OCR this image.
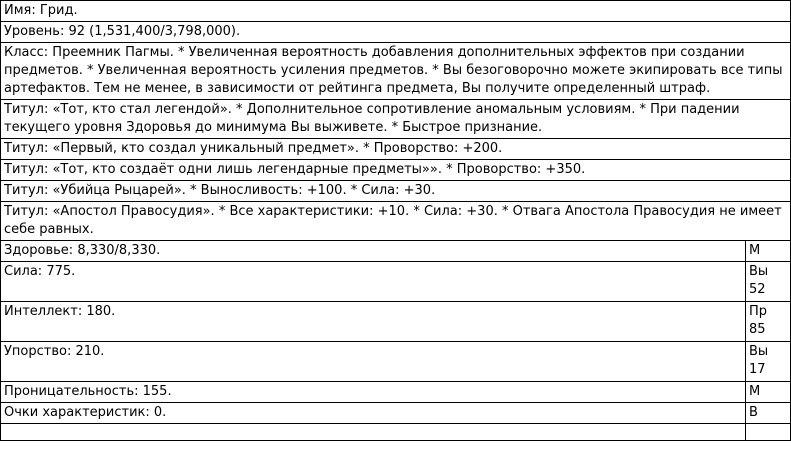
Имя: Грид.	
Уровень: 92 (1,531,400/3,798,000).	
Класс: Преемник Пагмы. * Увеличенная вероятность добавления дополнительных эффектов при создании предметов. * Увеличенная вероятность усиления предметов. * Вы безоговорочно можете экипировать все типы артефактов. Тем не менее, в зависимости от рейтинга предмета, Вы получите определенный штраф.	
Титул: «Тот, кто стал легендой». * Дополнительное сопротивление аномальным условиям. * При падении текущего уровня Здоровья до минимума Вы выживете. * Быстрое признание.	
Титул: «Первый, кто создал уникальный предмет». * Проворство: +200.	
Титул: «Тот, кто создаёт одни лишь легендарные предметы»». * Проворство: +350.	
Титул: «Убийца Рыцарей». * Выносливость: +100. * Сила: +30.	
Титул: «Апостол Правосудия». * Все характеристики: +10. * Сила: +30. * Отвага Апостола Правосудия не имеет себе равных.	
Здоровье: 8,330/8,330.	М
Сила: 775.	Вы 52
Интеллект: 180.	Пр 85
Упорство: 210.	Вы 17
Проницательность: 155.	М
Очки характеристик: 0.	В
